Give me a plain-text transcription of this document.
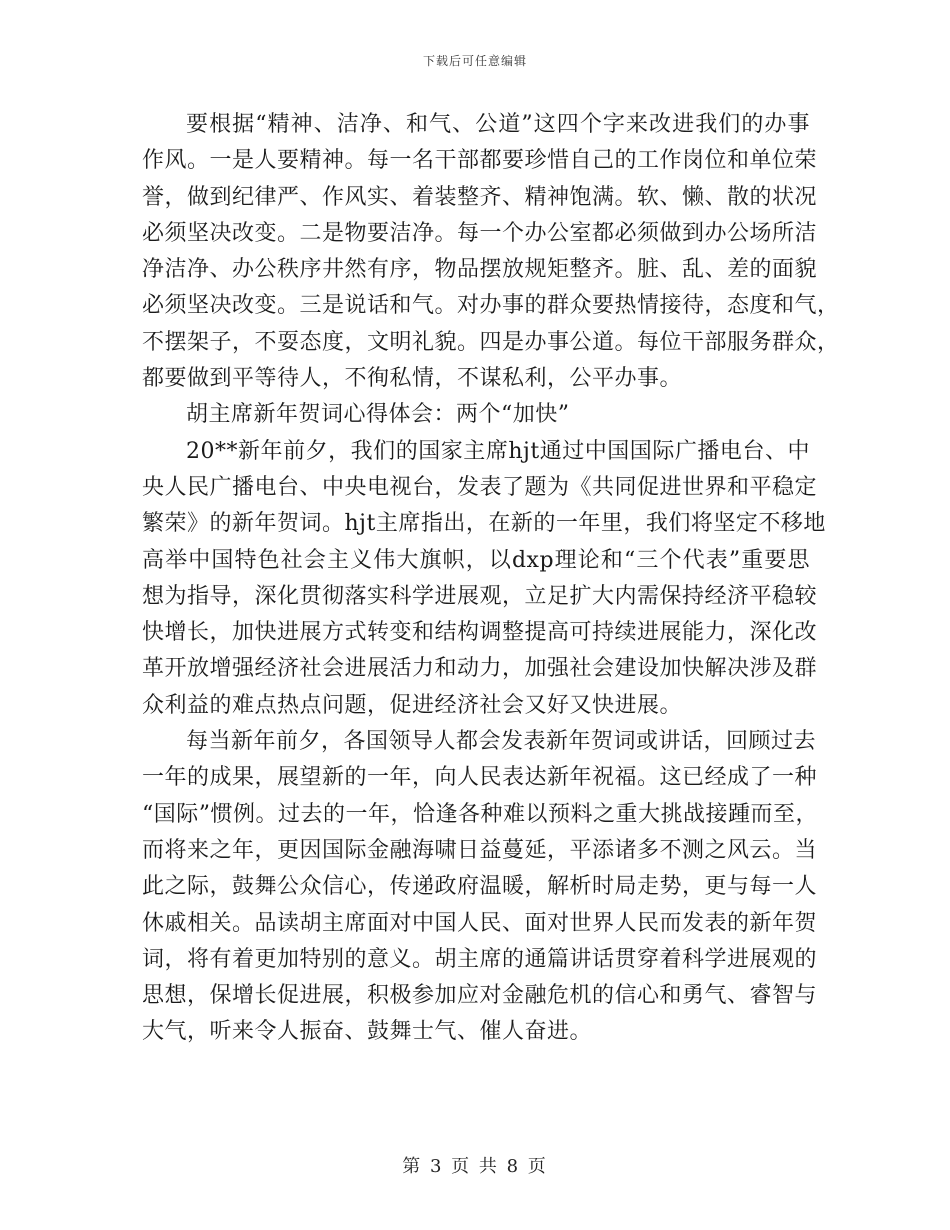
下载后可任意编辑
要根据“精神、洁净、和气、公道”这四个字来改进我们的办事
作风。一是人要精神。每一名干部都要珍惜自己的工作岗位和单位荣
誉，做到纪律严、作风实、着装整齐、精神饱满。软、懒、散的状况
必须坚决改变。二是物要洁净。每一个办公室都必须做到办公场所洁
净洁净、办公秩序井然有序，物品摆放规矩整齐。脏、乱、差的面貌
必须坚决改变。三是说话和气。对办事的群众要热情接待，态度和气，
不摆架子，不耍态度，文明礼貌。四是办事公道。每位干部服务群众，
都要做到平等待人，不徇私情，不谋私利，公平办事。
胡主席新年贺词心得体会：两个“加快”
20**新年前夕，我们的国家主席hjt通过中国国际广播电台、中
央人民广播电台、中央电视台，发表了题为《共同促进世界和平稳定
繁荣》的新年贺词。hjt主席指出，在新的一年里，我们将坚定不移地
高举中国特色社会主义伟大旗帜，以dxp理论和“三个代表”重要思
想为指导，深化贯彻落实科学进展观，立足扩大内需保持经济平稳较
快增长，加快进展方式转变和结构调整提高可持续进展能力，深化改
革开放增强经济社会进展活力和动力，加强社会建设加快解决涉及群
众利益的难点热点问题，促进经济社会又好又快进展。
每当新年前夕，各国领导人都会发表新年贺词或讲话，回顾过去
一年的成果，展望新的一年，向人民表达新年祝福。这已经成了一种
“国际”惯例。过去的一年，恰逢各种难以预料之重大挑战接踵而至，
而将来之年，更因国际金融海啸日益蔓延，平添诸多不测之风云。当
此之际，鼓舞公众信心，传递政府温暖，解析时局走势，更与每一人
休戚相关。品读胡主席面对中国人民、面对世界人民而发表的新年贺
词，将有着更加特别的意义。胡主席的通篇讲话贯穿着科学进展观的
思想，保增长促进展，积极参加应对金融危机的信心和勇气、睿智与
大气，听来令人振奋、鼓舞士气、催人奋进。
第 3 页 共 8 页
